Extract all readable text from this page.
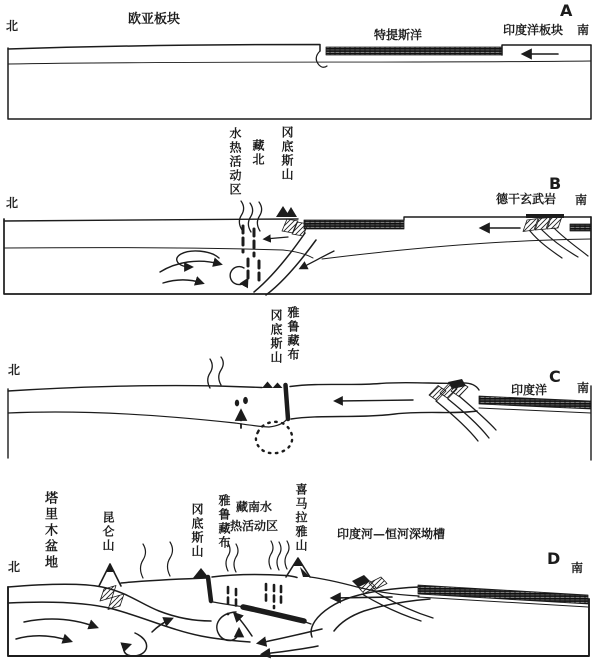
北	欧亚板块
特提斯洋	印度洋板块
A
南
水热活动区 藏北 冈底斯山
北	德干玄武岩
B
南
冈底斯山 雅鲁藏布
北
印度洋
C
南
塔里木盆地	昆仑山	冈底斯山 雅鲁藏布 藏南水
热活动区 喜马拉雅山 印度河—恒河深坳槽
北	D 南
